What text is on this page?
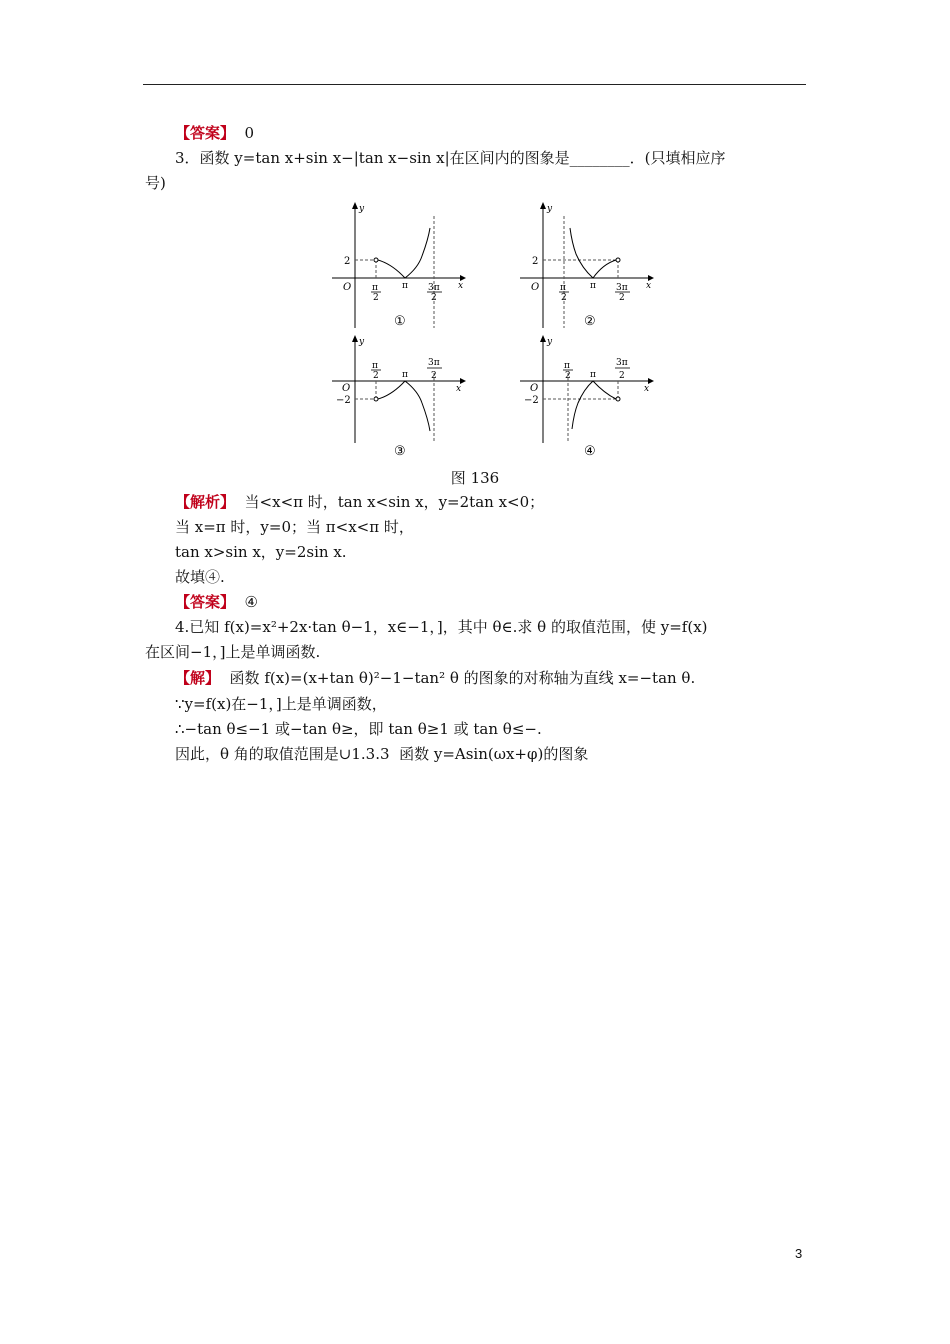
【答案】  0
3．函数 y=tan x+sin x−|tan x−sin x|在区间内的图象是________．(只填相应序
号)
y
x
O
2
π
2
π 3π
2
①
y
x
O
2
π
2
π 3π
2
②
y
x
O
−2
π
2	π
3π
2
③
y
x
O
−2
π
2 π
3π
2
④
图 136
【解析】  当<x<π 时，tan x<sin x，y=2tan x<0；
当 x=π 时，y=0；当 π<x<π 时，
tan x>sin x，y=2sin x.
故填④.
【答案】  ④
4.已知 f(x)=x²+2x·tan θ−1，x∈−1，]，其中 θ∈.求 θ 的取值范围，使 y=f(x)
在区间−1，]上是单调函数.
【解】  函数 f(x)=(x+tan θ)²−1−tan² θ 的图象的对称轴为直线 x=−tan θ.
∵y=f(x)在−1，]上是单调函数，
∴−tan θ≤−1 或−tan θ≥，即 tan θ≥1 或 tan θ≤−.
因此，θ 角的取值范围是∪1.3.3  函数 y=Asin(ωx+φ)的图象
3
